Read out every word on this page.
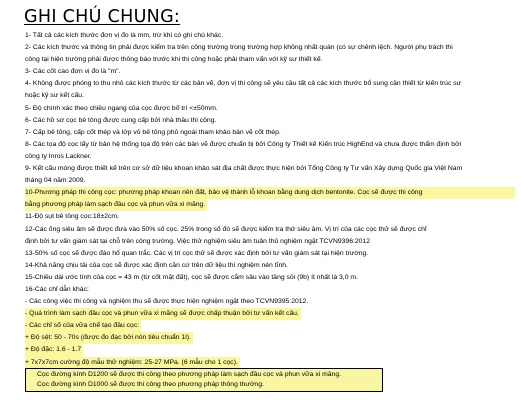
GHI CHÚ CHUNG:
1- Tất cả các kích thước đơn vị đo là mm, trừ khi có ghi chú khác.
2- Các kích thước và thông tin phải được kiểm tra trên công trường trong trường hợp không nhất quán (có sự chênh lệch. Người phụ trách thi
công tại hiện trường phải được thông báo trước khi thi công hoặc phải tham vấn với kỹ sư thiết kế.
3- Các cốt cao đơn vị đo là "m".
4- Không được phóng to thu nhỏ các kích thước từ các bản vẽ, đơn vị thi công sẽ yêu cầu tất cả các kích thước bổ sung cần thiết từ kiến trúc sư
hoặc kỹ sư kết cấu.
5- Độ chính xác theo chiều ngang của cọc được bố trí <±50mm.
6- Các hồ sơ cọc bê tông được cung cấp bởi nhà thầu thi công.
7- Cấp bê tông, cấp cốt thép và lớp vỏ bê tông phủ ngoài tham khảo bản vẽ cốt thép.
8- Các tọa độ cọc lấy từ bản hệ thống tọa độ trên các bản vẽ được chuẩn bị bởi Công ty Thiết kế Kiến trúc HighEnd và chưa được thẩm định bởi
công ty Inros Lackner.
9- Kết cấu móng được thiết kế trên cơ sở dữ liệu khoan khảo sát địa chất được thực hiện bởi Tổng Công ty Tư vấn Xây dựng Quốc gia Việt Nam
tháng 04 năm 2009.
10-Phương pháp thi công cọc: phương pháp khoan nền đất, bảo vệ thành lỗ khoan bằng dung dịch bentonite. Cọc sẽ được thi công
bằng phương pháp làm sạch đầu cọc và phun vữa xi măng.
11-Độ sụt bê tông cọc:18±2cm.
12-Các ống siêu âm sẽ được đưa vào 50% số cọc. 25% trong số đó sẽ được kiểm tra thử siêu âm. Vị trí của các cọc thử sẽ được chỉ
định bởi tư vấn giám sát tại chỗ trên công trường. Việc thử nghiệm siêu âm tuân thủ nghiệm ngặt TCVN9396:2012
13-50% số cọc sẽ được đào hố quan trắc. Các vị trí cọc thử sẽ được xác định bởi tư vấn giám sát tại hiện trường.
14-Khả năng chịu tải của cọc sẽ được xác định căn cứ trên dữ liệu thí nghiệm nén tĩnh.
15-Chiều dài ước tính của cọc = 43 m (từ cốt mặt đất), cọc sẽ được cắm sâu vào tầng sỏi (9b) ít nhất là 3,0 m.
16-Các chỉ dẫn khác:
- Các công việc thi công và nghiệm thu sẽ được thực hiện nghiệm ngặt theo TCVN9395:2012.
- Quá trình làm sạch đầu cọc và phun vữa xi măng sẽ được chấp thuận bởi tư vấn kết cấu.
- Các chỉ số của vữa chế tạo đầu cọc:
+ Độ sệt: 50 - 70s (được đo đạc bởi nón tiêu chuẩn 1l).
+ Độ đặc: 1.6 - 1.7
+ 7x7x7cm cường độ mẫu thử nghiệm: 25-27 MPa. (6 mẫu cho 1 cọc).
Cọc đường kính D1200 sẽ được thi công theo phương pháp làm sạch đầu cọc và phun vữa xi măng.
Cọc đường kính D1000 sẽ được thi công theo phương pháp thông thường.
